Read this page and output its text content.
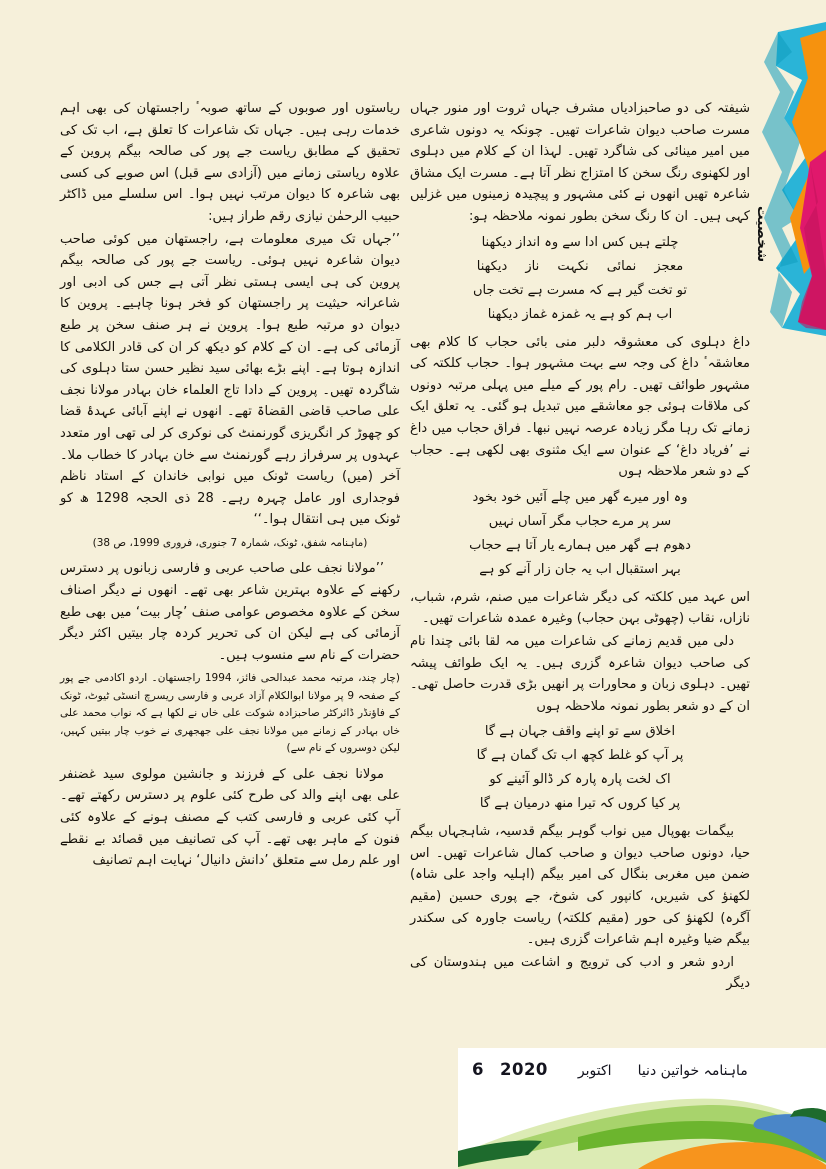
شخصیت

ریاستوں اور صوبوں کے ساتھ صوبہٴ راجستھان کی بھی اہم خدمات رہی ہیں۔ جہاں تک شاعرات کا تعلق ہے، اب تک کی تحقیق کے مطابق ریاست جے پور کی صالحہ بیگم پروین کے علاوہ ریاستی زمانے میں (آزادی سے قبل) اس صوبے کی کسی بھی شاعرہ کا دیوان مرتب نہیں ہوا۔ اس سلسلے میں ڈاکٹر حبیب الرحمٰن نیازی رقم طراز ہیں:

’’جہاں تک میری معلومات ہے، راجستھان میں کوئی صاحب دیوان شاعرہ نہیں ہوئی۔ ریاست جے پور کی صالحہ بیگم پروین کی ہی ایسی ہستی نظر آتی ہے جس کی ادبی اور شاعرانہ حیثیت پر راجستھان کو فخر ہونا چاہیے۔ پروین کا دیوان دو مرتبہ طبع ہوا۔ پروین نے ہر صنف سخن پر طبع آزمائی کی ہے۔ ان کے کلام کو دیکھ کر ان کی قادر الکلامی کا اندازہ ہوتا ہے۔ اپنے بڑے بھائی سید نظیر حسن ستا دہلوی کی شاگردہ تھیں۔ پروین کے دادا تاج العلماء خان بہادر مولانا نجف علی صاحب قاضی القضاۃ تھے۔ انھوں نے اپنے آبائی عہدۂ قضا کو چھوڑ کر انگریزی گورنمنٹ کی نوکری کر لی تھی اور متعدد عہدوں پر سرفراز رہے گورنمنٹ سے خان بہادر کا خطاب ملا۔ آخر (میں) ریاست ٹونک میں نوابی خاندان کے استاد ناظم فوجداری اور عامل چہرہ رہے۔ 28 ذی الحجہ 1298 ھ کو ٹونک میں ہی انتقال ہوا۔‘‘

(ماہنامہ شفق، ٹونک، شمارہ 7 جنوری، فروری 1999، ص 38)

’’مولانا نجف علی صاحب عربی و فارسی زبانوں پر دسترس رکھنے کے علاوہ بہترین شاعر بھی تھے۔ انھوں نے دیگر اصناف سخن کے علاوہ مخصوص عوامی صنف ’چار بیت‘ میں بھی طبع آزمائی کی ہے لیکن ان کی تحریر کردہ چار بیتیں اکثر دیگر حضرات کے نام سے منسوب ہیں۔

(چار چند، مرتبہ محمد عبدالحی فائز، 1994 راجستھان۔ اردو اکادمی جے پور کے صفحہ 9 پر مولانا ابوالکلام آزاد عربی و فارسی ریسرچ انسٹی ٹیوٹ، ٹونک کے فاؤنڈر ڈائرکٹر صاحبزادہ شوکت علی خاں نے لکھا ہے کہ نواب محمد علی خاں بہادر کے زمانے میں مولانا نجف علی جھجھری نے خوب چار بیتیں کہیں، لیکن دوسروں کے نام سے)

مولانا نجف علی کے فرزند و جانشین مولوی سید غضنفر علی بھی اپنے والد کی طرح کئی علوم پر دسترس رکھتے تھے۔ آپ کئی عربی و فارسی کتب کے مصنف ہونے کے علاوہ کئی فنون کے ماہر بھی تھے۔ آپ کی تصانیف میں قصائد بے نقطے اور علم رمل سے متعلق ’دانش دانیال‘ نہایت اہم تصانیف

شیفتہ کی دو صاحبزادیاں مشرف جہاں ثروت اور منور جہاں مسرت صاحب دیوان شاعرات تھیں۔ چونکہ یہ دونوں شاعری میں امیر مینائی کی شاگرد تھیں۔ لہذا ان کے کلام میں دہلوی اور لکھنوی رنگ سخن کا امتزاج نظر آتا ہے۔ مسرت ایک مشاق شاعرہ تھیں انھوں نے کئی مشہور و پیچیدہ زمینوں میں غزلیں کہی ہیں۔ ان کا رنگ سخن بطور نمونہ ملاحظہ ہو:

چلتے ہیں کس ادا سے وہ انداز دیکھنا
معجز نمائی نکہت ناز دیکھنا
تو تخت گیر ہے کہ مسرت ہے تخت جاں
اب ہم کو ہے یہ غمزہ غماز دیکھنا

داغ دہلوی کی معشوقہ دلبر منی بائی حجاب کا کلام بھی معاشقہٴ داغ کی وجہ سے بہت مشہور ہوا۔ حجاب کلکتہ کی مشہور طوائف تھیں۔ رام پور کے میلے میں پہلی مرتبہ دونوں کی ملاقات ہوئی جو معاشقے میں تبدیل ہو گئی۔ یہ تعلق ایک زمانے تک رہا مگر زیادہ عرصہ نہیں نبھا۔ فراق حجاب میں داغ نے ’فریاد داغ‘ کے عنوان سے ایک مثنوی بھی لکھی ہے۔ حجاب کے دو شعر ملاحظہ ہوں

وہ اور میرے گھر میں چلے آئیں خود بخود
سر پر مرے حجاب مگر آساں نہیں
دھوم ہے گھر میں ہمارے یار آتا ہے حجاب
بہر استقبال اب یہ جان زار آنے کو ہے

اس عہد میں کلکتہ کی دیگر شاعرات میں صنم، شرم، شباب، نازاں، نقاب (چھوٹی بہن حجاب) وغیرہ عمدہ شاعرات تھیں۔

دلی میں قدیم زمانے کی شاعرات میں مہ لقا بائی چندا نام کی صاحب دیوان شاعرہ گزری ہیں۔ یہ ایک طوائف پیشہ تھیں۔ دہلوی زبان و محاورات پر انھیں بڑی قدرت حاصل تھی۔ ان کے دو شعر بطور نمونہ ملاحظہ ہوں

اخلاق سے تو اپنے واقف جہان ہے گا
پر آپ کو غلط کچھ اب تک گمان ہے گا
اک لخت پارہ پارہ کر ڈالو آئینے کو
پر کیا کروں کہ تیرا منھ درمیان ہے گا

بیگمات بھوپال میں نواب گوہر بیگم قدسیہ، شاہجہاں بیگم حیا، دونوں صاحب دیوان و صاحب کمال شاعرات تھیں۔ اس ضمن میں مغربی بنگال کی امیر بیگم (اہلیہ واجد علی شاہ) لکھنؤ کی شیریں، کانپور کی شوخ، جے پوری حسین (مقیم آگرہ) لکھنؤ کی حور (مقیم کلکتہ) ریاست جاورہ کی سکندر بیگم ضیا وغیرہ اہم شاعرات گزری ہیں۔

اردو شعر و ادب کی ترویج و اشاعت میں ہندوستان کی دیگر

6 2020 اکتوبر ماہنامہ خواتین دنیا
